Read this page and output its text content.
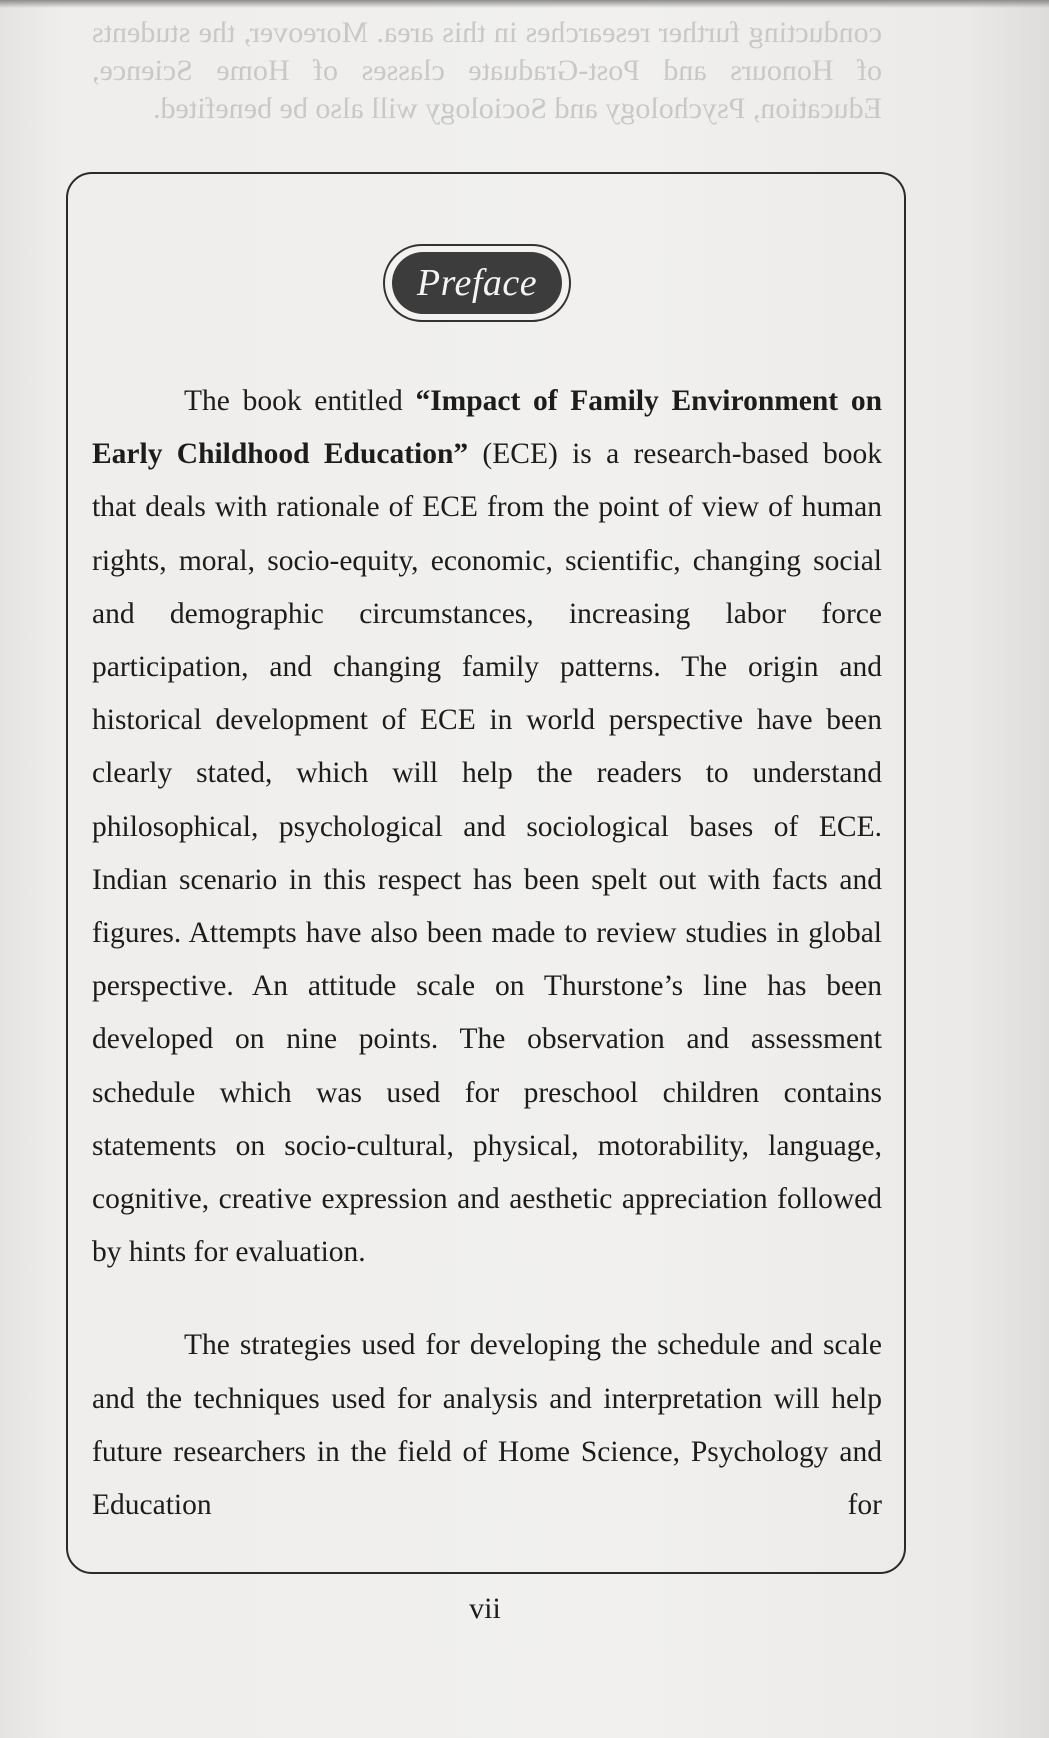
conducting further researches in this area. Moreover, the students of Honours and Post-Graduate classes of Home Science, Education, Psychology and Sociology will also be benefited.
Preface

The book entitled “Impact of Family Environment on Early Childhood Education” (ECE) is a research-based book that deals with rationale of ECE from the point of view of human rights, moral, socio-equity, economic, scientific, changing social and demographic circumstances, increasing labor force participation, and changing family patterns. The origin and historical development of ECE in world perspective have been clearly stated, which will help the readers to understand philosophical, psychological and sociological bases of ECE. Indian scenario in this respect has been spelt out with facts and figures. Attempts have also been made to review studies in global perspective. An attitude scale on Thurstone’s line has been developed on nine points. The observation and assessment schedule which was used for preschool children contains statements on socio-cultural, physical, motorability, language, cognitive, creative expression and aesthetic appreciation followed by hints for evaluation.

The strategies used for developing the schedule and scale and the techniques used for analysis and interpretation will help future researchers in the field of Home Science, Psychology and Education for

vii
